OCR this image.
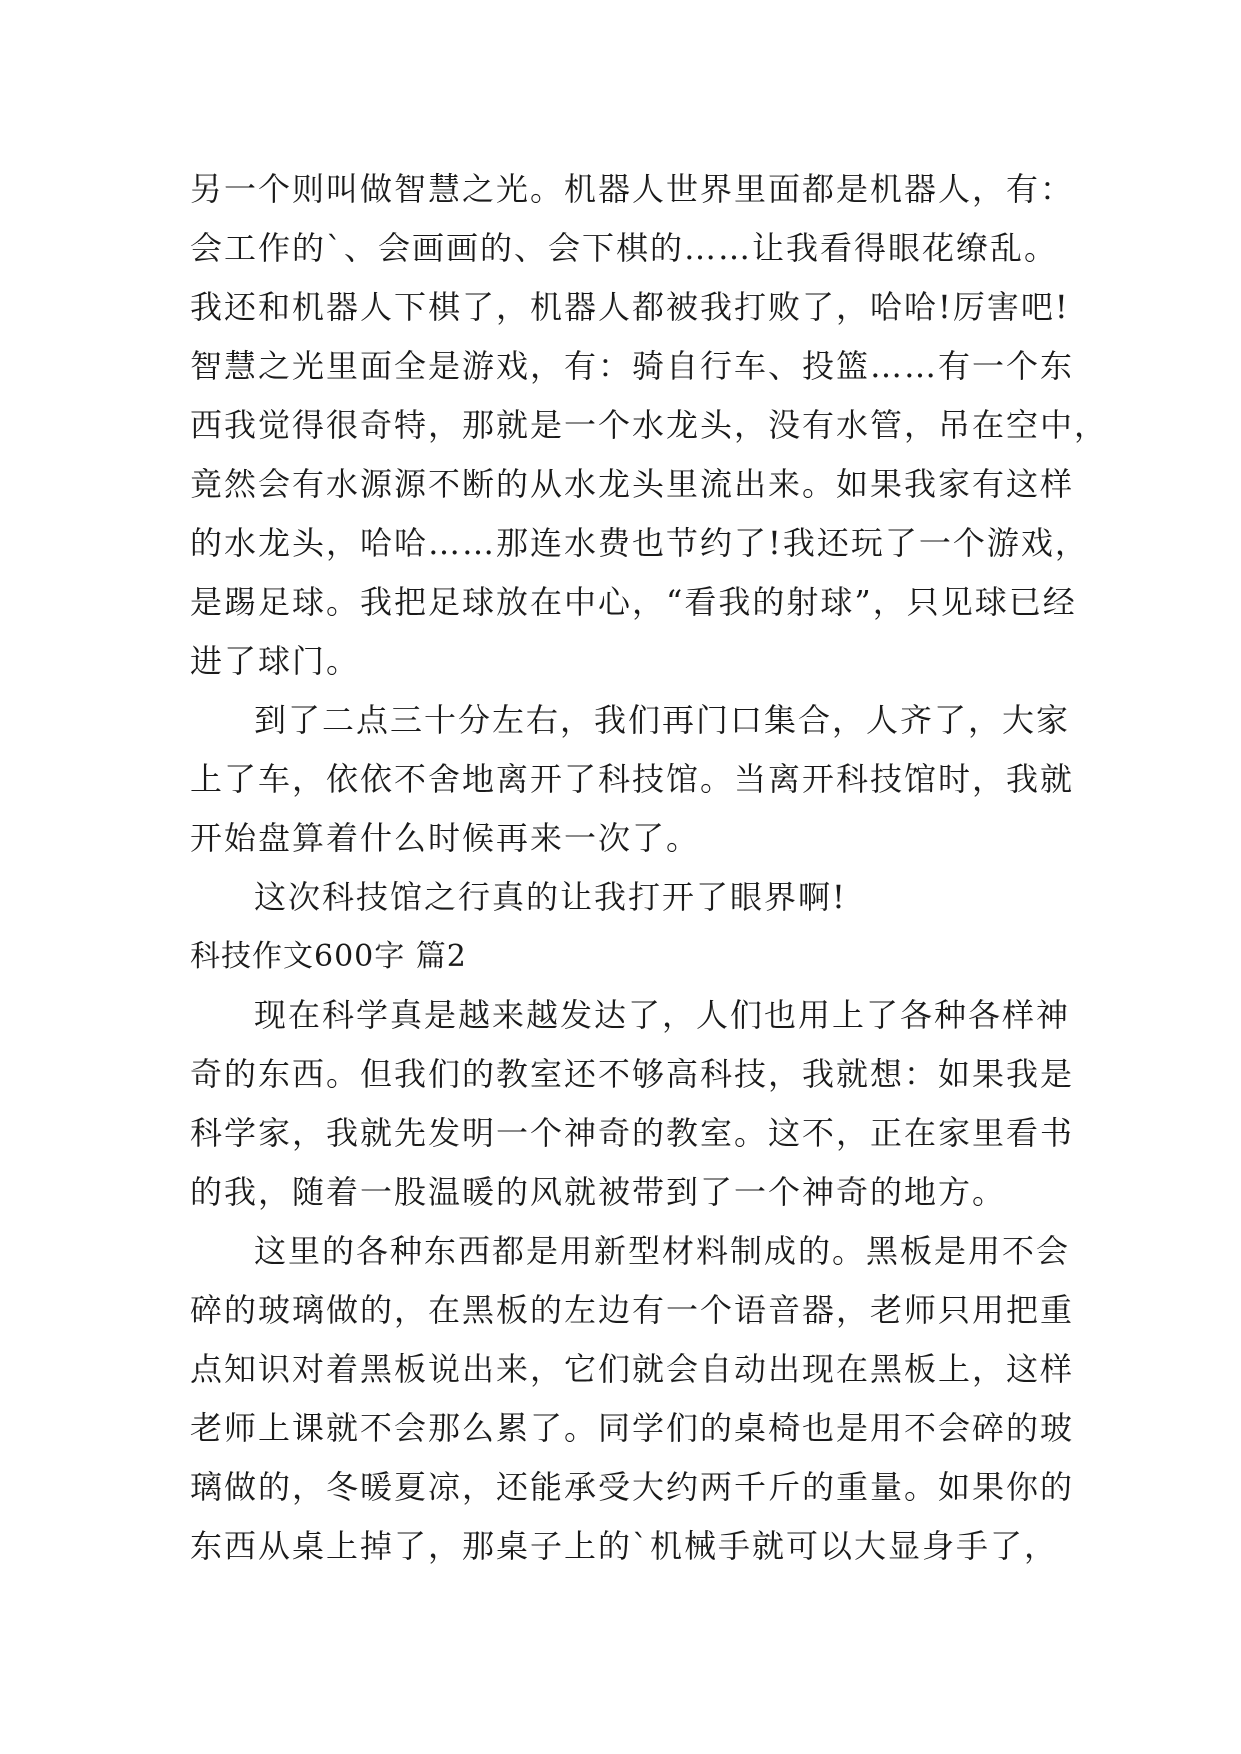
另一个则叫做智慧之光。机器人世界里面都是机器人，有：
会工作的`、会画画的、会下棋的……让我看得眼花缭乱。
我还和机器人下棋了，机器人都被我打败了，哈哈!厉害吧!
智慧之光里面全是游戏，有：骑自行车、投篮……有一个东
西我觉得很奇特，那就是一个水龙头，没有水管，吊在空中，
竟然会有水源源不断的从水龙头里流出来。如果我家有这样
的水龙头，哈哈……那连水费也节约了!我还玩了一个游戏，
是踢足球。我把足球放在中心，“看我的射球”，只见球已经
进了球门。
到了二点三十分左右，我们再门口集合，人齐了，大家
上了车，依依不舍地离开了科技馆。当离开科技馆时，我就
开始盘算着什么时候再来一次了。
这次科技馆之行真的让我打开了眼界啊!
科技作文600字 篇2
现在科学真是越来越发达了，人们也用上了各种各样神
奇的东西。但我们的教室还不够高科技，我就想：如果我是
科学家，我就先发明一个神奇的教室。这不，正在家里看书
的我，随着一股温暖的风就被带到了一个神奇的地方。
这里的各种东西都是用新型材料制成的。黑板是用不会
碎的玻璃做的，在黑板的左边有一个语音器，老师只用把重
点知识对着黑板说出来，它们就会自动出现在黑板上，这样
老师上课就不会那么累了。同学们的桌椅也是用不会碎的玻
璃做的，冬暖夏凉，还能承受大约两千斤的重量。如果你的
东西从桌上掉了，那桌子上的`机械手就可以大显身手了，
